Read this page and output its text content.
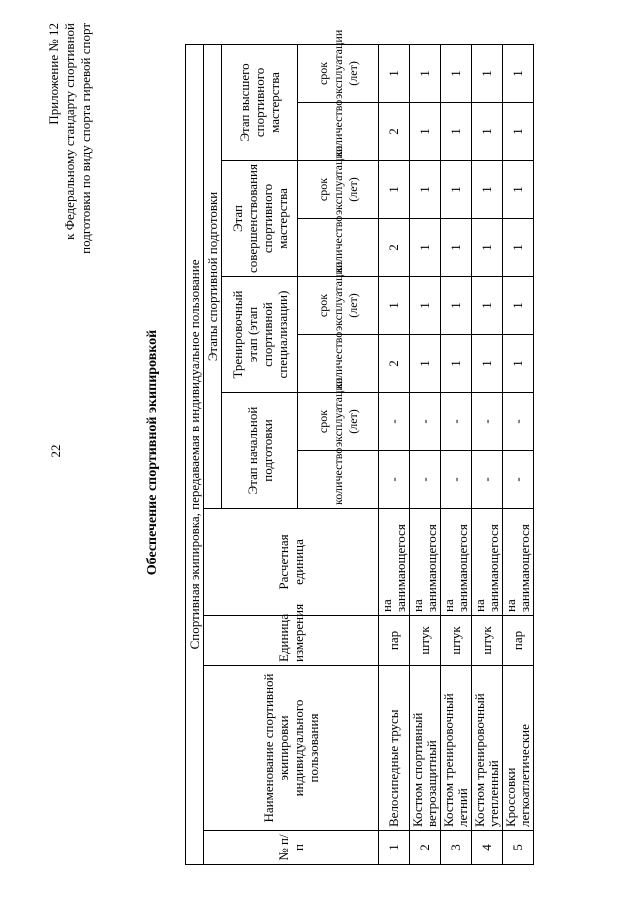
22
Приложение № 12 к Федеральному стандарту спортивной подготовки по виду спорта гиревой спорт
Обеспечение спортивной экипировкой Спортивная экипировка, передаваемая в индивидуальное пользование											
№ п/п	Наименование спортивной экипировки индивидуального пользования	Единица измерения	Расчетная единица	Этапы спортивной подготовки							
				Этап начальной подготовки		Тренировочный этап (этап спортивной специализации)		Этап совершенствования спортивного мастерства		Этап высшего спортивного мастерства	
				количество	срок эксплуатации (лет)	количество	срок эксплуатации (лет)	количество	срок эксплуатации (лет)	количество	срок эксплуатации (лет)
1	Велосипедные трусы	пар	на занимающегося	-	-	2	1	2	1	2	1
2	Костюм спортивный ветрозащитный	штук	на занимающегося	-	-	1	1	1	1	1	1
3	Костюм тренировочный летний	штук	на занимающегося	-	-	1	1	1	1	1	1
4	Костюм тренировочный утепленный	штук	на занимающегося	-	-	1	1	1	1	1	1
5	Кроссовки легкоатлетические	пар	на занимающегося	-	-	1	1	1	1	1	1
